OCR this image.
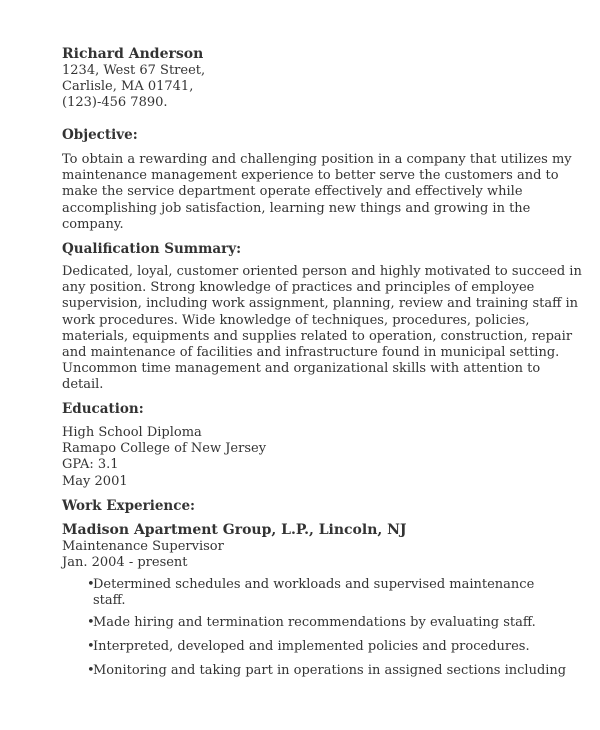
Richard Anderson
1234, West 67 Street,
Carlisle, MA 01741,
(123)-456 7890.
Objective:
To obtain a rewarding and challenging position in a company that utilizes my
maintenance management experience to better serve the customers and to
make the service department operate effectively and effectively while
accomplishing job satisfaction, learning new things and growing in the
company.
Qualification Summary:
Dedicated, loyal, customer oriented person and highly motivated to succeed in
any position. Strong knowledge of practices and principles of employee
supervision, including work assignment, planning, review and training staff in
work procedures. Wide knowledge of techniques, procedures, policies,
materials, equipments and supplies related to operation, construction, repair
and maintenance of facilities and infrastructure found in municipal setting.
Uncommon time management and organizational skills with attention to
detail.
Education:
High School Diploma
Ramapo College of New Jersey
GPA: 3.1
May 2001
Work Experience:
Madison Apartment Group, L.P., Lincoln, NJ
Maintenance Supervisor
Jan. 2004 - present
•
Determined schedules and workloads and supervised maintenance
staff.
•
Made hiring and termination recommendations by evaluating staff.
•
Interpreted, developed and implemented policies and procedures.
•
Monitoring and taking part in operations in assigned sections including
